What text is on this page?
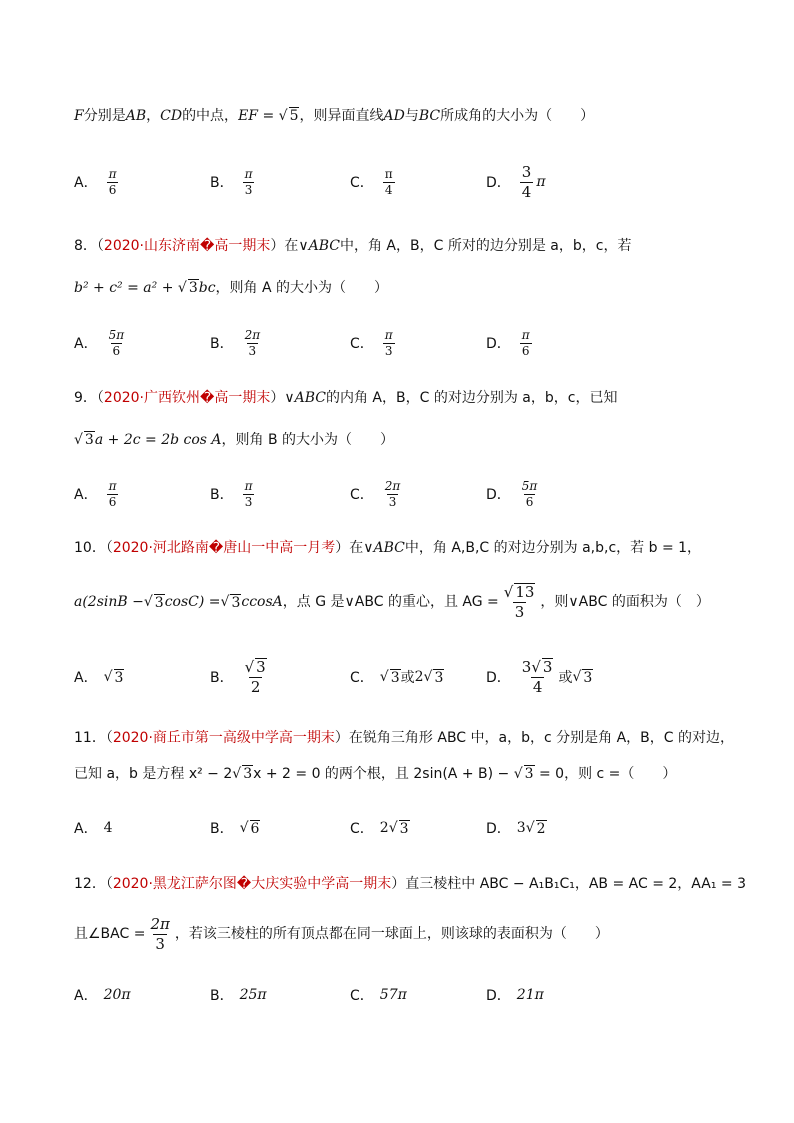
F分别是AB，CD的中点，EF = √ 5，则异面直线AD与BC所成角的大小为（　　）
A． $\frac{\pi}{6}$	B． $\frac{\pi}{3}$	C． $\frac{\pi}{4}$	D． $\frac{3}{4}$ π
8．（2020·山东济南�高一期末）在∨ABC中，角 A，B，C 所对的边分别是 a，b，c，若
b² + c² = a² + √ 3bc，则角 A 的大小为（　　）
A． $\frac{5\pi}{6}$	B． $\frac{2\pi}{3}$	C． $\frac{\pi}{3}$	D． $\frac{\pi}{6}$
9．（2020·广西钦州�高一期末）∨ABC的内角 A，B，C 的对边分别为 a，b，c，已知
√ 3a + 2c = 2b cos A，则角 B 的大小为（　　）
A． $\frac{\pi}{6}$	B． $\frac{\pi}{3}$	C． $\frac{2\pi}{3}$	D． $\frac{5\pi}{6}$
10．（2020·河北路南�唐山一中高一月考）在∨ABC中，角 A,B,C 的对边分别为 a,b,c，若 b = 1，
a(2sinB − √ 3 cosC) = √ 3 ccosA ，点 G 是∨ABC 的重心，且 AG = $\frac{√ 13}{3}$ ，则∨ABC 的面积为（　）
A． √ 3	B． $\frac{√ 3}{2}$	C． √ 3 或 2 √ 3	D． $\frac{3√ 3}{4}$ 或 √ 3
11．（2020·商丘市第一高级中学高一期末）在锐角三角形 ABC 中，a，b，c 分别是角 A，B，C 的对边，
已知 a，b 是方程 x² − 2√ 3x + 2 = 0 的两个根，且 2sin(A + B) − √ 3 = 0，则 c =（　　）
A． 4	B． √ 6	C． 2 √ 3	D． 3 √ 2
12．（2020·黑龙江萨尔图�大庆实验中学高一期末）直三棱柱中 ABC − A₁B₁C₁，AB = AC = 2，AA₁ = 3
且∠BAC = $\frac{2\pi}{3}$ ，若该三棱柱的所有顶点都在同一球面上，则该球的表面积为（　　）
A． 20π	B． 25π	C． 57π	D． 21π
